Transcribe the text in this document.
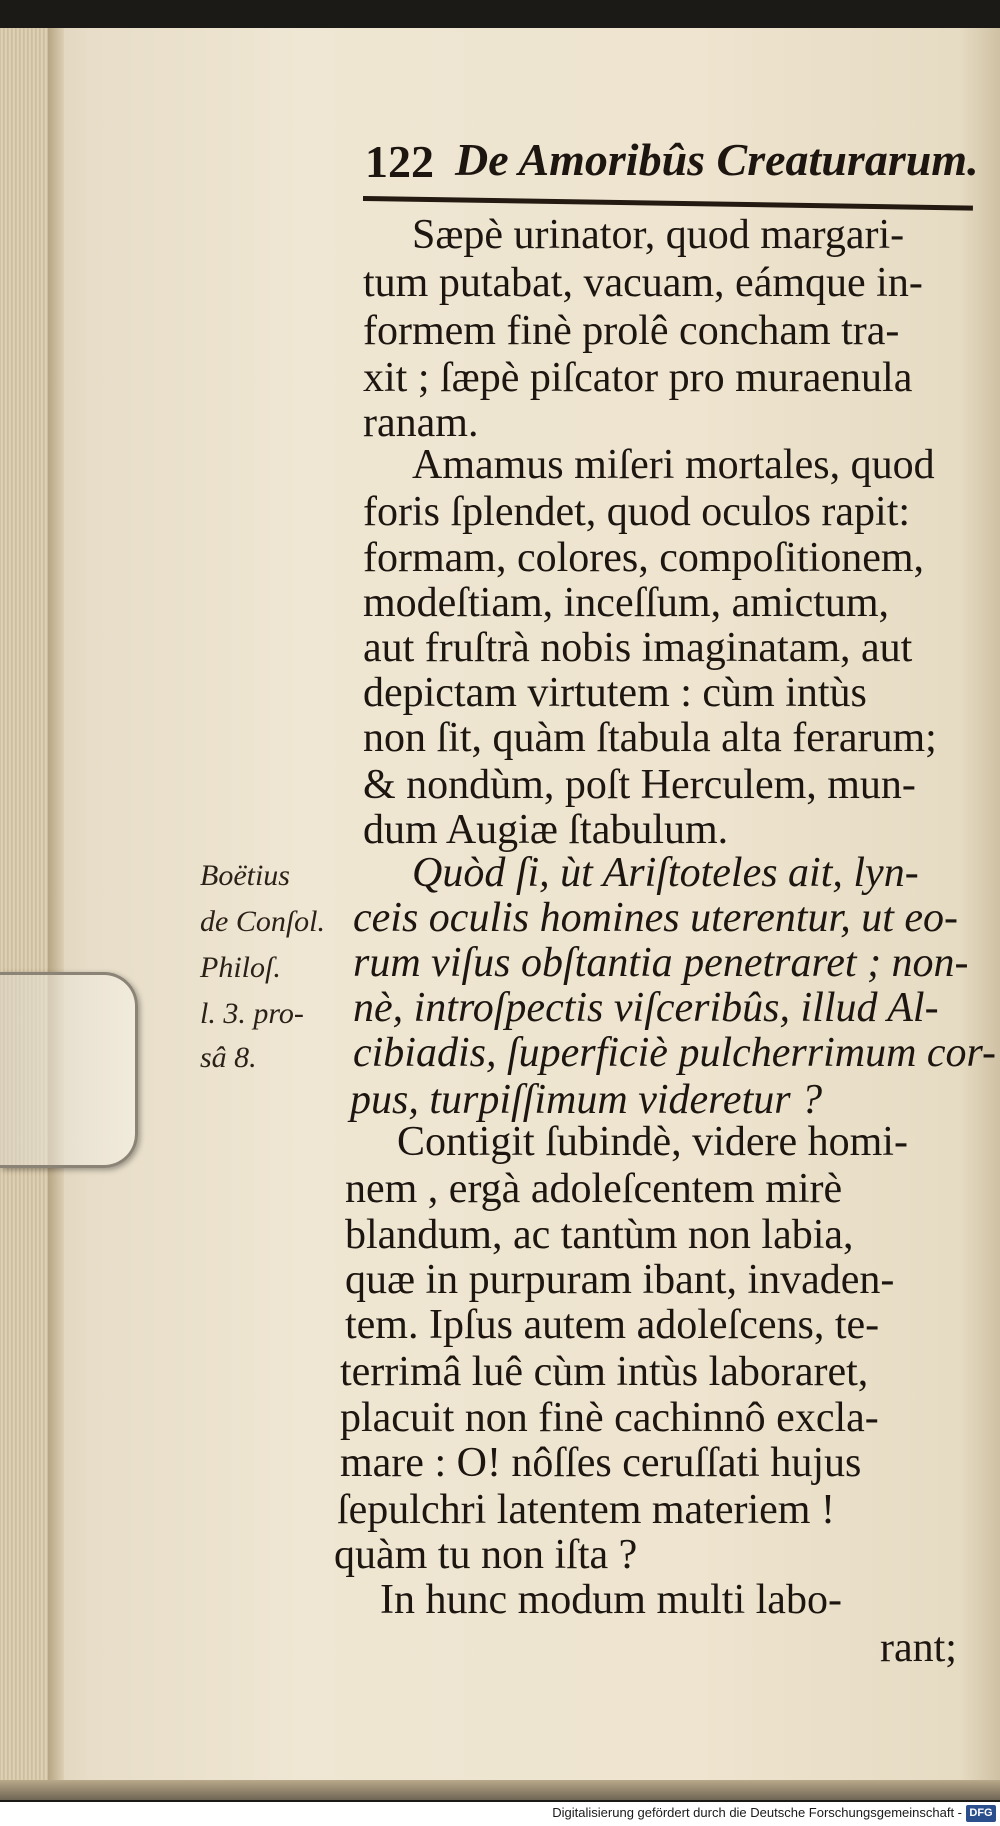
122 De Amoribûs Creaturarum.
Sæpè urinator, quod margari-
tum putabat, vacuam, eámque in-
formem finè prolê concham tra-
xit ; ſæpè piſcator pro muraenula
ranam.
Amamus miſeri mortales, quod
foris ſplendet, quod oculos rapit:
formam, colores, compoſitionem,
modeſtiam, inceſſum, amictum,
aut fruſtrà nobis imaginatam, aut
depictam virtutem : cùm intùs
non ſit, quàm ſtabula alta ferarum;
& nondùm, poſt Herculem, mun-
dum Augiæ ſtabulum.
Quòd ſi, ùt Ariſtoteles ait, lyn-
ceis oculis homines uterentur, ut eo-
rum viſus obſtantia penetraret ; non-
nè, introſpectis viſceribûs, illud Al-
cibiadis, ſuperficiè pulcherrimum cor-
pus, turpiſſimum videretur ?
Contigit ſubindè, videre homi-
nem , ergà adoleſcentem mirè
blandum, ac tantùm non labia,
quæ in purpuram ibant, invaden-
tem. Ipſus autem adoleſcens, te-
terrimâ luê cùm intùs laboraret,
placuit non finè cachinnô excla-
mare : O! nôſſes ceruſſati hujus
ſepulchri latentem materiem !
quàm tu non iſta ?
In hunc modum multi labo-
rant;
Boëtius
de Conſol.
Philoſ.
l. 3. pro-
sâ 8.
Digitalisierung gefördert durch die Deutsche Forschungsgemeinschaft - DFG
